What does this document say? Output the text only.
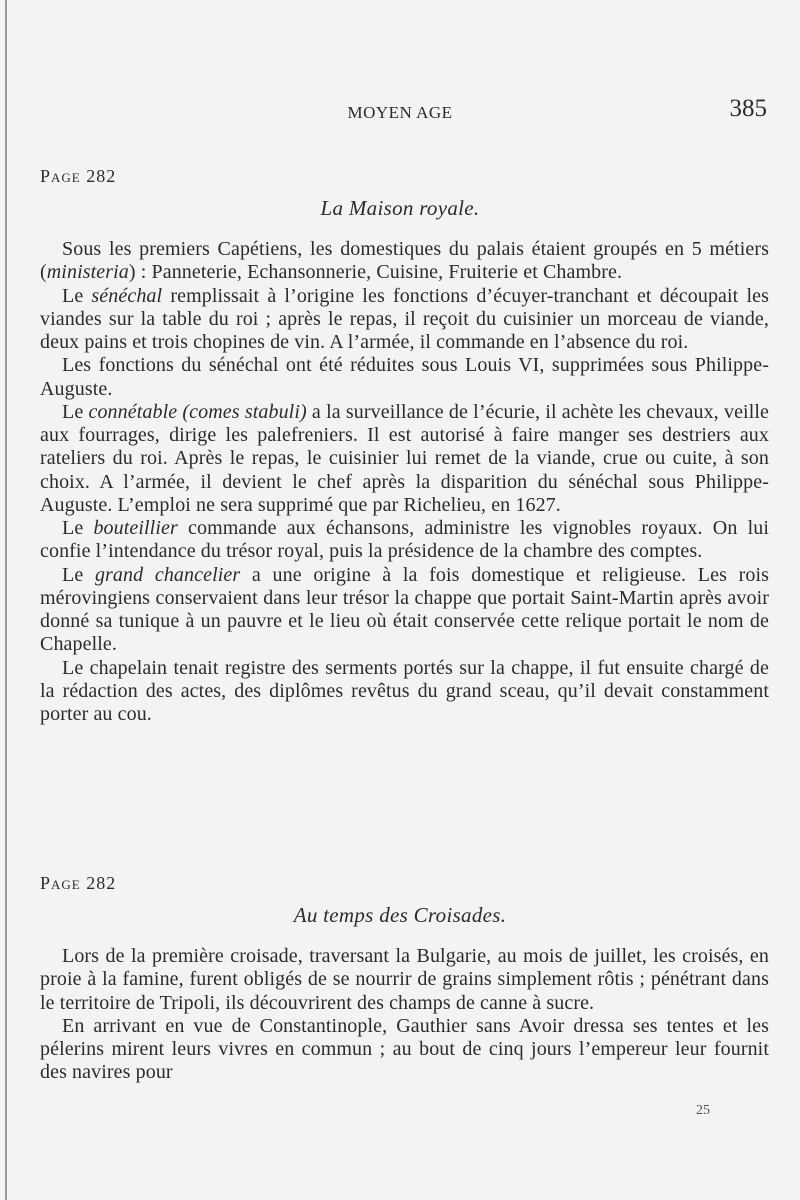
MOYEN AGE	385
Page 282
La Maison royale.

Sous les premiers Capétiens, les domestiques du palais étaient groupés en 5 métiers (ministeria) : Panneterie, Echansonnerie, Cuisine, Fruiterie et Chambre.

Le sénéchal remplissait à l’origine les fonctions d’écuyer-tranchant et découpait les viandes sur la table du roi ; après le repas, il reçoit du cuisinier un morceau de viande, deux pains et trois chopines de vin. A l’armée, il commande en l’absence du roi.

Les fonctions du sénéchal ont été réduites sous Louis VI, supprimées sous Philippe-Auguste.

Le connétable (comes stabuli) a la surveillance de l’écurie, il achète les chevaux, veille aux fourrages, dirige les palefreniers. Il est autorisé à faire manger ses destriers aux rateliers du roi. Après le repas, le cuisinier lui remet de la viande, crue ou cuite, à son choix. A l’armée, il devient le chef après la disparition du sénéchal sous Philippe-Auguste. L’emploi ne sera supprimé que par Richelieu, en 1627.

Le bouteillier commande aux échansons, administre les vignobles royaux. On lui confie l’intendance du trésor royal, puis la présidence de la chambre des comptes.

Le grand chancelier a une origine à la fois domestique et religieuse. Les rois mérovingiens conservaient dans leur trésor la chappe que portait Saint-Martin après avoir donné sa tunique à un pauvre et le lieu où était conservée cette relique portait le nom de Chapelle.

Le chapelain tenait registre des serments portés sur la chappe, il fut ensuite chargé de la rédaction des actes, des diplômes revêtus du grand sceau, qu’il devait constamment porter au cou.

Page 282
Au temps des Croisades.

Lors de la première croisade, traversant la Bulgarie, au mois de juillet, les croisés, en proie à la famine, furent obligés de se nourrir de grains simplement rôtis ; pénétrant dans le territoire de Tripoli, ils découvrirent des champs de canne à sucre.

En arrivant en vue de Constantinople, Gauthier sans Avoir dressa ses tentes et les pélerins mirent leurs vivres en commun ; au bout de cinq jours l’empereur leur fournit des navires pour

25
